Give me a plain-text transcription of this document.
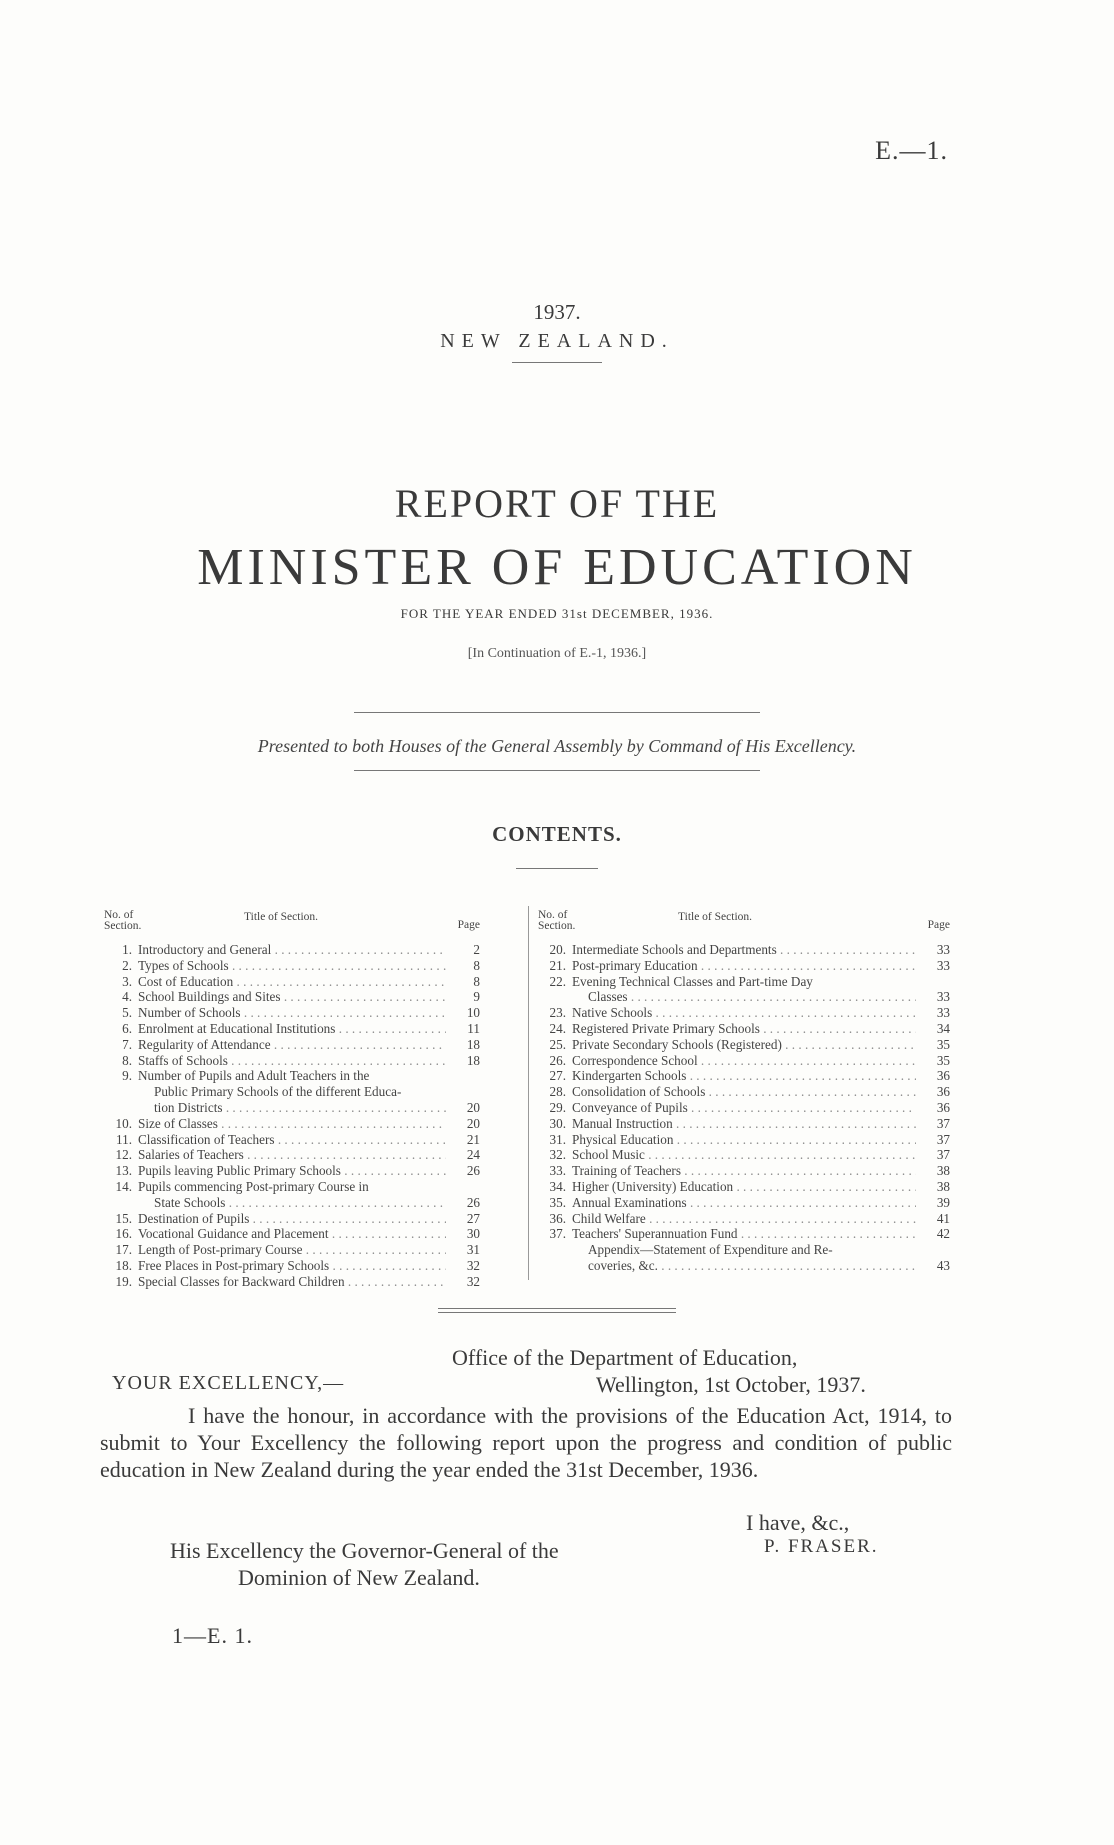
E.—1.
1937.
NEW ZEALAND.
REPORT OF THE
MINISTER OF EDUCATION
FOR THE YEAR ENDED 31st DECEMBER, 1936.
[In Continuation of E.-1, 1936.]
Presented to both Houses of the General Assembly by Command of His Excellency.
CONTENTS.
No. of Section.
Title of Section.
Page
1. Introductory and General . . .	2
2. Types of Schools . . .	8
3. Cost of Education . . .	8
4. School Buildings and Sites . . .	9
5. Number of Schools . . .	10
6. Enrolment at Educational Institutions . . .	11
7. Regularity of Attendance . . .	18
8. Staffs of Schools . . .	18
9. Number of Pupils and Adult Teachers in the
Public Primary Schools of the different Educa-
tion Districts . . .	20
10. Size of Classes . . .	20
11. Classification of Teachers . . .	21
12. Salaries of Teachers . . .	24
13. Pupils leaving Public Primary Schools . . .	26
14. Pupils commencing Post-primary Course in
State Schools . . .	26
15. Destination of Pupils . . .	27
16. Vocational Guidance and Placement . . .	30
17. Length of Post-primary Course . . .	31
18. Free Places in Post-primary Schools . . .	32
19. Special Classes for Backward Children . . .	32
No. of Section.
Title of Section.
Page
20. Intermediate Schools and Departments . . .	33
21. Post-primary Education . . .	33
22. Evening Technical Classes and Part-time Day
Classes . . .	33
23. Native Schools . . .	33
24. Registered Private Primary Schools . . .	34
25. Private Secondary Schools (Registered) . . .	35
26. Correspondence School . . .	35
27. Kindergarten Schools . . .	36
28. Consolidation of Schools . . .	36
29. Conveyance of Pupils . . .	36
30. Manual Instruction . . .	37
31. Physical Education . . .	37
32. School Music . . .	37
33. Training of Teachers . . .	38
34. Higher (University) Education . . .	38
35. Annual Examinations . . .	39
36. Child Welfare . . .	41
37. Teachers' Superannuation Fund . . .	42
Appendix—Statement of Expenditure and Re-
coveries, &c. . . .	43
Office of the Department of Education,
Wellington, 1st October, 1937.
YOUR EXCELLENCY,—
I have the honour, in accordance with the provisions of the Education Act, 1914, to submit to Your Excellency the following report upon the progress and condition of public education in New Zealand during the year ended the 31st December, 1936.
I have, &c.,
P. FRASER.
His Excellency the Governor-General of the
Dominion of New Zealand.
1—E. 1.
